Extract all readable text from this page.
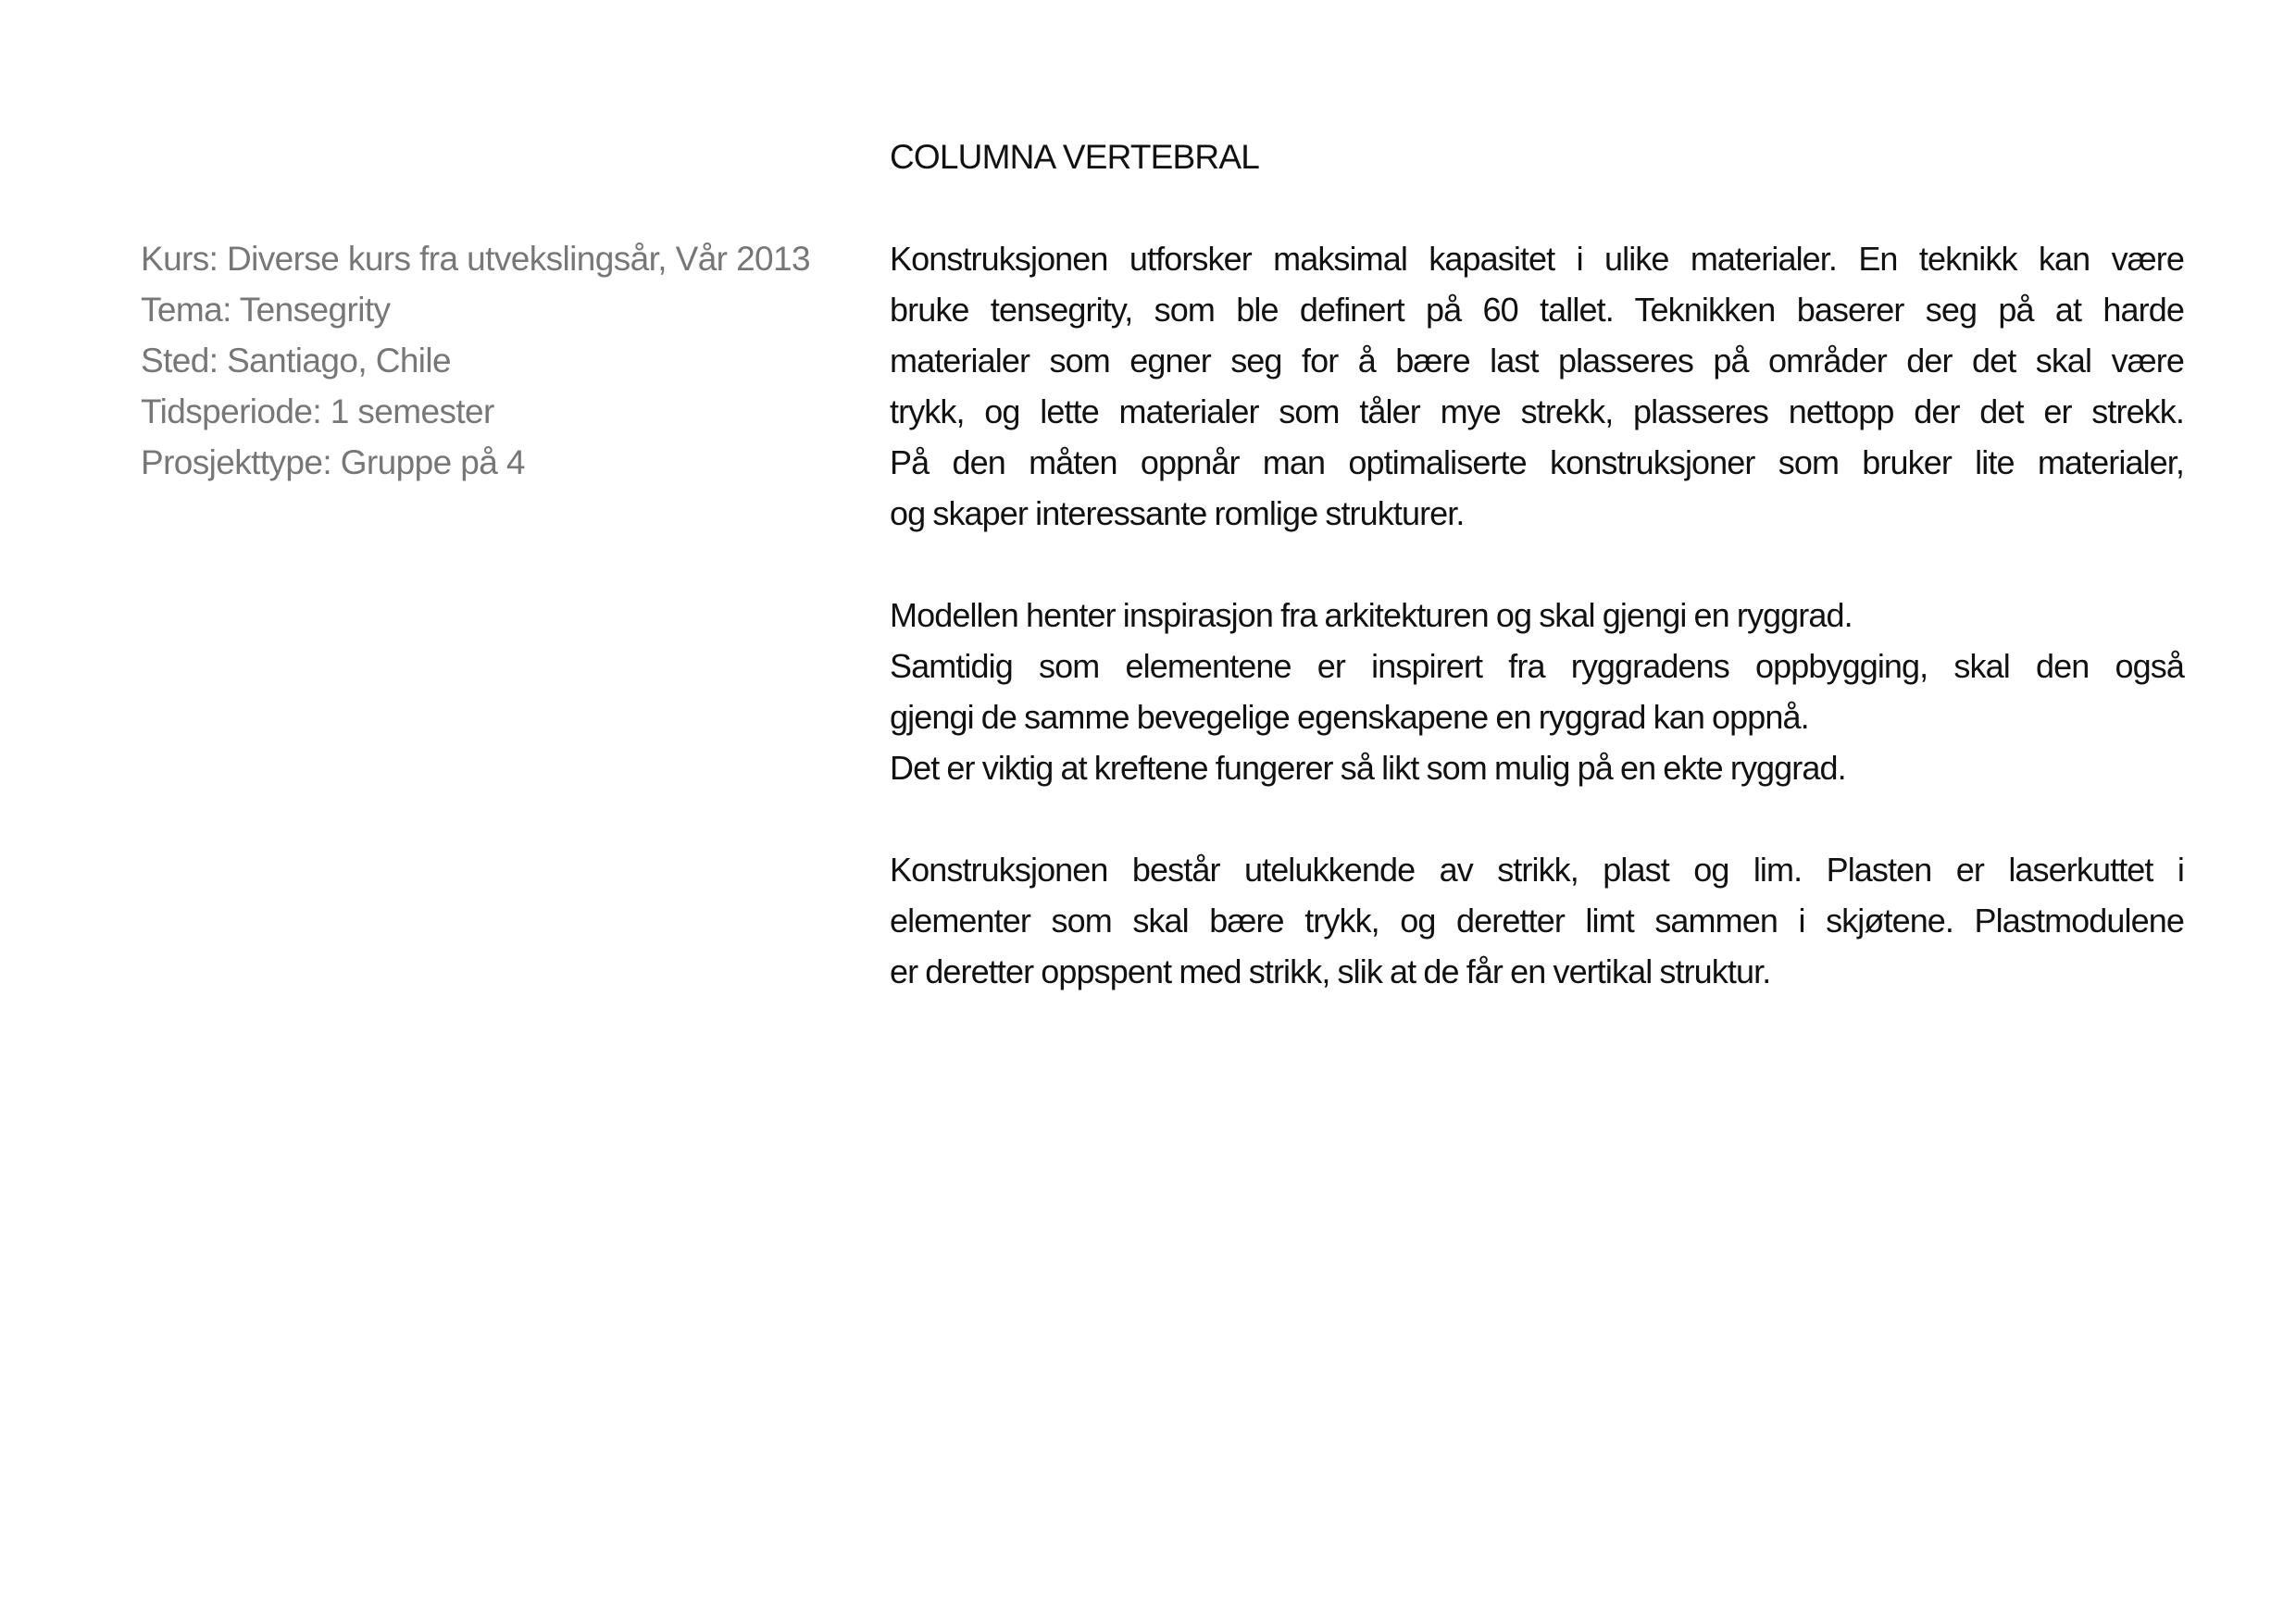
COLUMNA VERTEBRAL
Kurs: Diverse kurs fra utvekslingsår, Vår 2013
Tema: Tensegrity
Sted: Santiago, Chile
Tidsperiode: 1 semester
Prosjekttype: Gruppe på 4
Konstruksjonen utforsker maksimal kapasitet i ulike materialer. En teknikk kan være
bruke tensegrity, som ble definert på 60 tallet. Teknikken baserer seg på at harde
materialer som egner seg for å bære last plasseres på områder der det skal være
trykk, og lette materialer som tåler mye strekk, plasseres nettopp der det er strekk.
På den måten oppnår man optimaliserte konstruksjoner som bruker lite materialer,
og skaper interessante romlige strukturer.
Modellen henter inspirasjon fra arkitekturen og skal gjengi en ryggrad.
Samtidig som elementene er inspirert fra ryggradens oppbygging, skal den også
gjengi de samme bevegelige egenskapene en ryggrad kan oppnå.
Det er viktig at kreftene fungerer så likt som mulig på en ekte ryggrad.
Konstruksjonen består utelukkende av strikk, plast og lim. Plasten er laserkuttet i
elementer som skal bære trykk, og deretter limt sammen i skjøtene. Plastmodulene
er deretter oppspent med strikk, slik at de får en vertikal struktur.
